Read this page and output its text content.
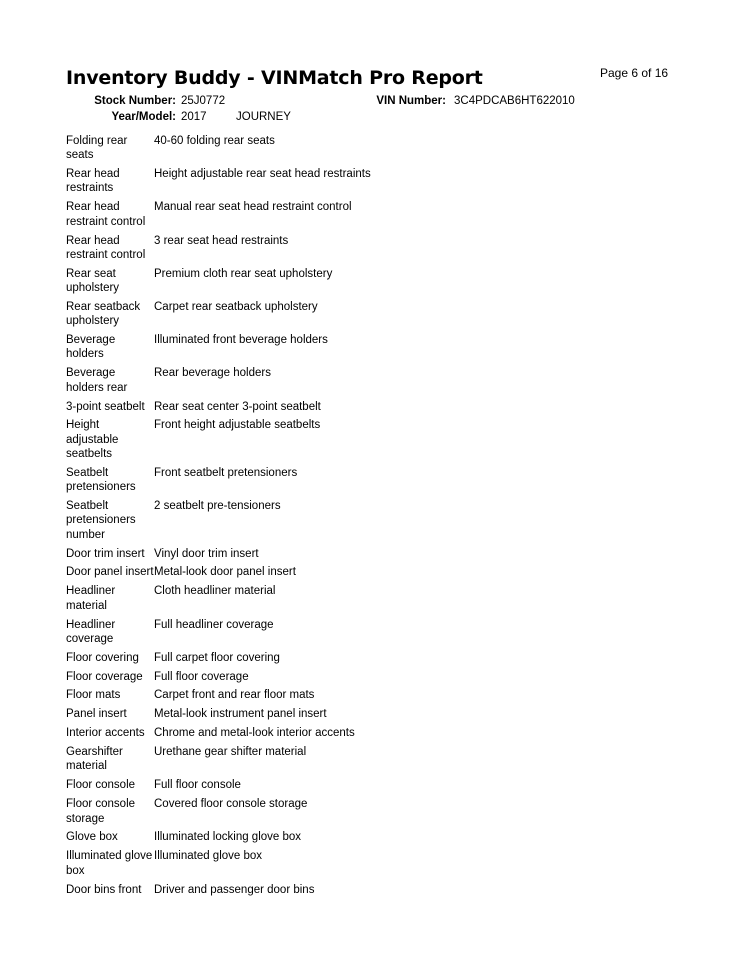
Inventory Buddy - VINMatch Pro Report	Page 6 of 16
Stock Number: 25J0772	VIN Number: 3C4PDCAB6HT622010
Year/Model: 2017	JOURNEY
Folding rear seats	40-60 folding rear seats
Rear head restraints	Height adjustable rear seat head restraints
Rear head restraint control	Manual rear seat head restraint control
Rear head restraint control	3 rear seat head restraints
Rear seat upholstery	Premium cloth rear seat upholstery
Rear seatback upholstery	Carpet rear seatback upholstery
Beverage holders	Illuminated front beverage holders
Beverage holders rear	Rear beverage holders
3-point seatbelt	Rear seat center 3-point seatbelt
Height adjustable seatbelts	Front height adjustable seatbelts
Seatbelt pretensioners	Front seatbelt pretensioners
Seatbelt pretensioners number	2 seatbelt pre-tensioners
Door trim insert	Vinyl door trim insert
Door panel insert	Metal-look door panel insert
Headliner material	Cloth headliner material
Headliner coverage	Full headliner coverage
Floor covering	Full carpet floor covering
Floor coverage	Full floor coverage
Floor mats	Carpet front and rear floor mats
Panel insert	Metal-look instrument panel insert
Interior accents	Chrome and metal-look interior accents
Gearshifter material	Urethane gear shifter material
Floor console	Full floor console
Floor console storage	Covered floor console storage
Glove box	Illuminated locking glove box
Illuminated glove box	Illuminated glove box
Door bins front	Driver and passenger door bins
